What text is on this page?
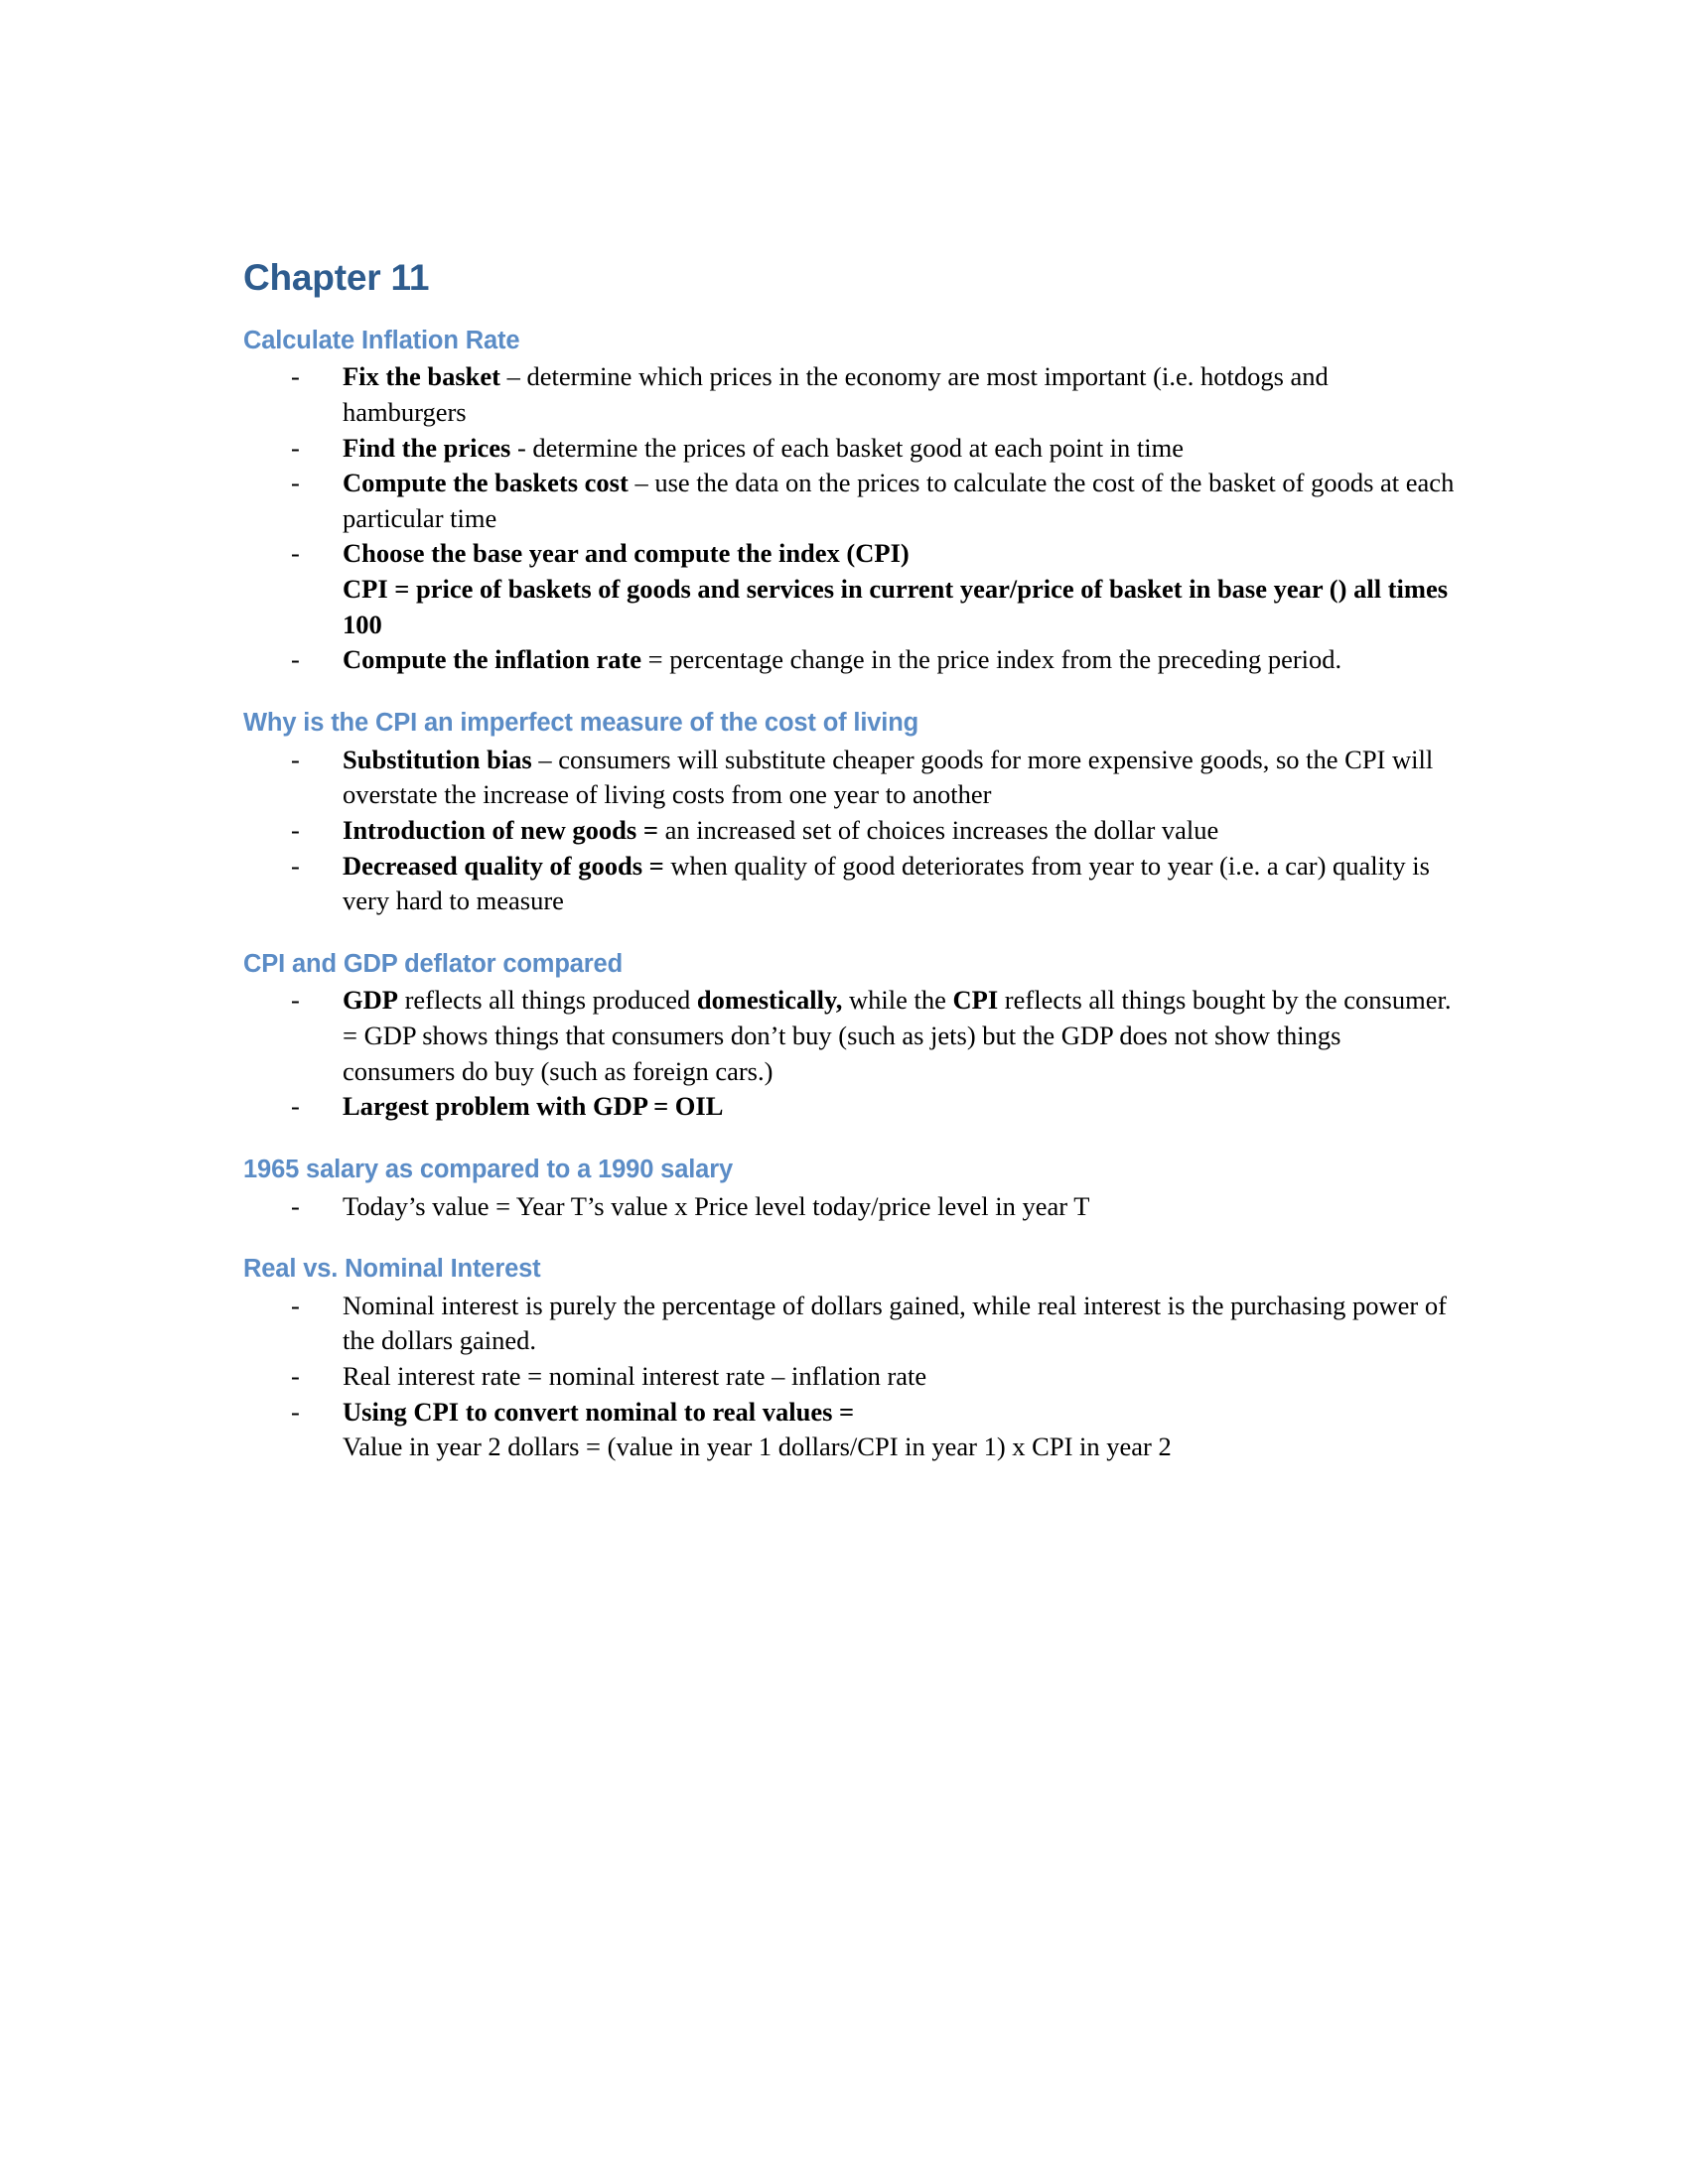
Chapter 11
Calculate Inflation Rate
- Fix the basket – determine which prices in the economy are most important (i.e. hotdogs and hamburgers
- Find the prices - determine the prices of each basket good at each point in time
- Compute the baskets cost – use the data on the prices to calculate the cost of the basket of goods at each particular time
- Choose the base year and compute the index (CPI)
CPI = price of baskets of goods and services in current year/price of basket in base year () all times 100
- Compute the inflation rate = percentage change in the price index from the preceding period.
Why is the CPI an imperfect measure of the cost of living
- Substitution bias – consumers will substitute cheaper goods for more expensive goods, so the CPI will overstate the increase of living costs from one year to another
- Introduction of new goods = an increased set of choices increases the dollar value
- Decreased quality of goods = when quality of good deteriorates from year to year (i.e. a car) quality is very hard to measure
CPI and GDP deflator compared
- GDP reflects all things produced domestically, while the CPI reflects all things bought by the consumer. = GDP shows things that consumers don’t buy (such as jets) but the GDP does not show things consumers do buy (such as foreign cars.)
- Largest problem with GDP = OIL
1965 salary as compared to a 1990 salary
- Today’s value = Year T’s value x Price level today/price level in year T
Real vs. Nominal Interest
- Nominal interest is purely the percentage of dollars gained, while real interest is the purchasing power of the dollars gained.
- Real interest rate = nominal interest rate – inflation rate
- Using CPI to convert nominal to real values =
Value in year 2 dollars = (value in year 1 dollars/CPI in year 1) x CPI in year 2
